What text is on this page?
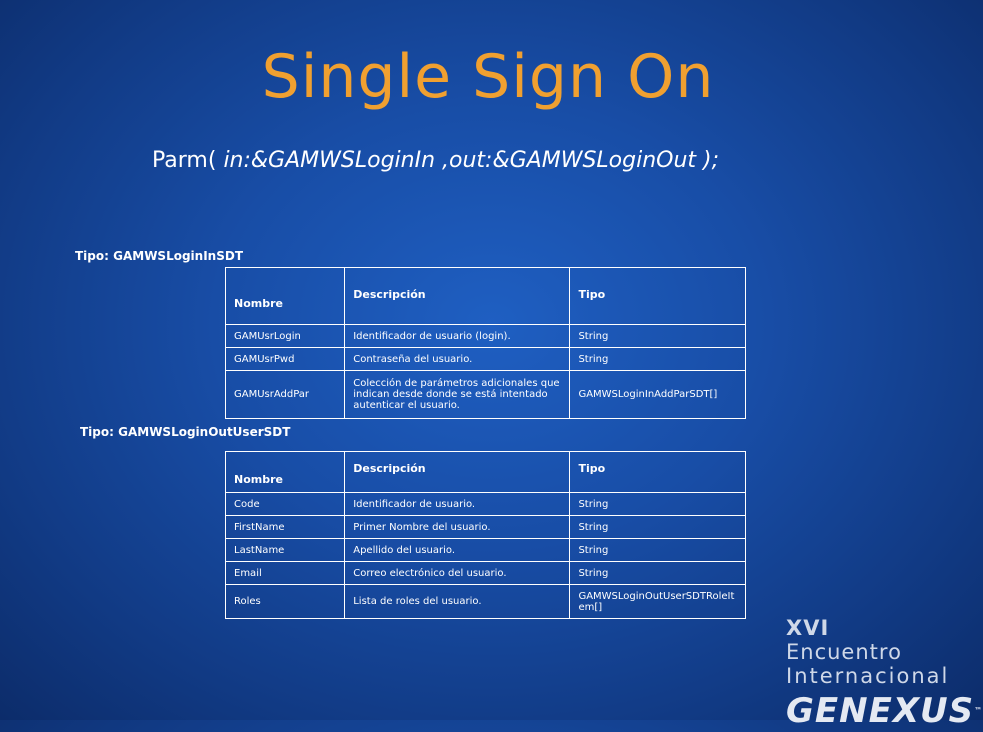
Single Sign On
Parm( in:&GAMWSLoginIn ,out:&GAMWSLoginOut );
Tipo: GAMWSLoginInSDT
Nombre	Descripción	Tipo
GAMUsrLogin	Identificador de usuario (login).	String
GAMUsrPwd	Contraseña del usuario.	String
GAMUsrAddPar	Colección de parámetros adicionales que indican desde donde se está intentado autenticar el usuario.	GAMWSLoginInAddParSDT[]
Tipo: GAMWSLoginOutUserSDT
Nombre	Descripción	Tipo
Code	Identificador de usuario.	String
FirstName	Primer Nombre del usuario.	String
LastName	Apellido del usuario.	String
Email	Correo electrónico del usuario.	String
Roles	Lista de roles del usuario.	GAMWSLoginOutUserSDTRoleItem[]
XVI Encuentro
Internacional
GENEXUS™
